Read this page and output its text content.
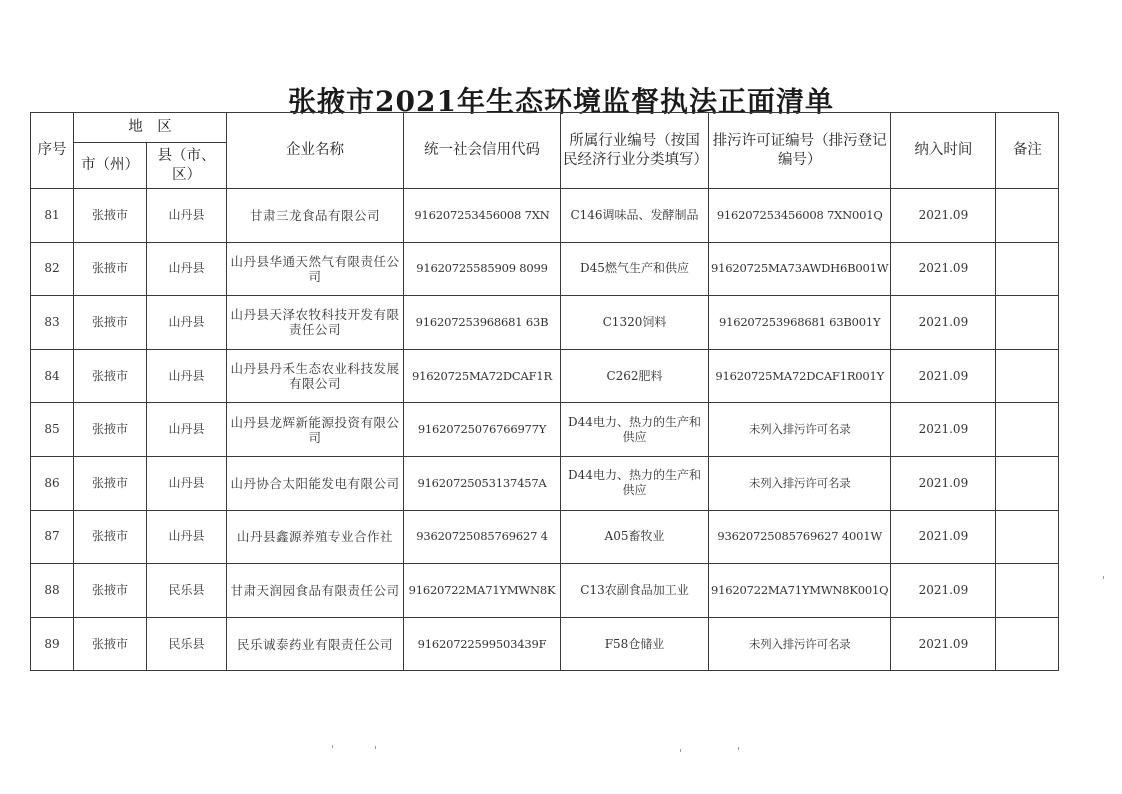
张掖市2021年生态环境监督执法正面清单
序号	地　区		企业名称	统一社会信用代码	所属行业编号（按国民经济行业分类填写）	排污许可证编号（排污登记编号）	纳入时间	备注
	市（州）	县（市、区）						
81	张掖市	山丹县	甘肃三龙食品有限公司	916207253456008 7XN	C146调味品、发酵制品	916207253456008 7XN001Q	2021.09	
82	张掖市	山丹县	山丹县华通天然气有限责任公司	91620725585909 8099	D45燃气生产和供应	91620725MA73AWDH6B001W	2021.09	
83	张掖市	山丹县	山丹县天泽农牧科技开发有限责任公司	916207253968681 63B	C1320饲料	916207253968681 63B001Y	2021.09	
84	张掖市	山丹县	山丹县丹禾生态农业科技发展有限公司	91620725MA72DCAF1R	C262肥料	91620725MA72DCAF1R001Y	2021.09	
85	张掖市	山丹县	山丹县龙辉新能源投资有限公司	91620725076766977Y	D44电力、热力的生产和供应	未列入排污许可名录	2021.09	
86	张掖市	山丹县	山丹协合太阳能发电有限公司	91620725053137457A	D44电力、热力的生产和供应	未列入排污许可名录	2021.09	
87	张掖市	山丹县	山丹县鑫源养殖专业合作社	93620725085769627 4	A05畜牧业	93620725085769627 4001W	2021.09	
88	张掖市	民乐县	甘肃天润园食品有限责任公司	91620722MA71YMWN8K	C13农副食品加工业	91620722MA71YMWN8K001Q	2021.09	
89	张掖市	民乐县	民乐诚泰药业有限责任公司	91620722599503439F	F58仓储业	未列入排污许可名录	2021.09	
